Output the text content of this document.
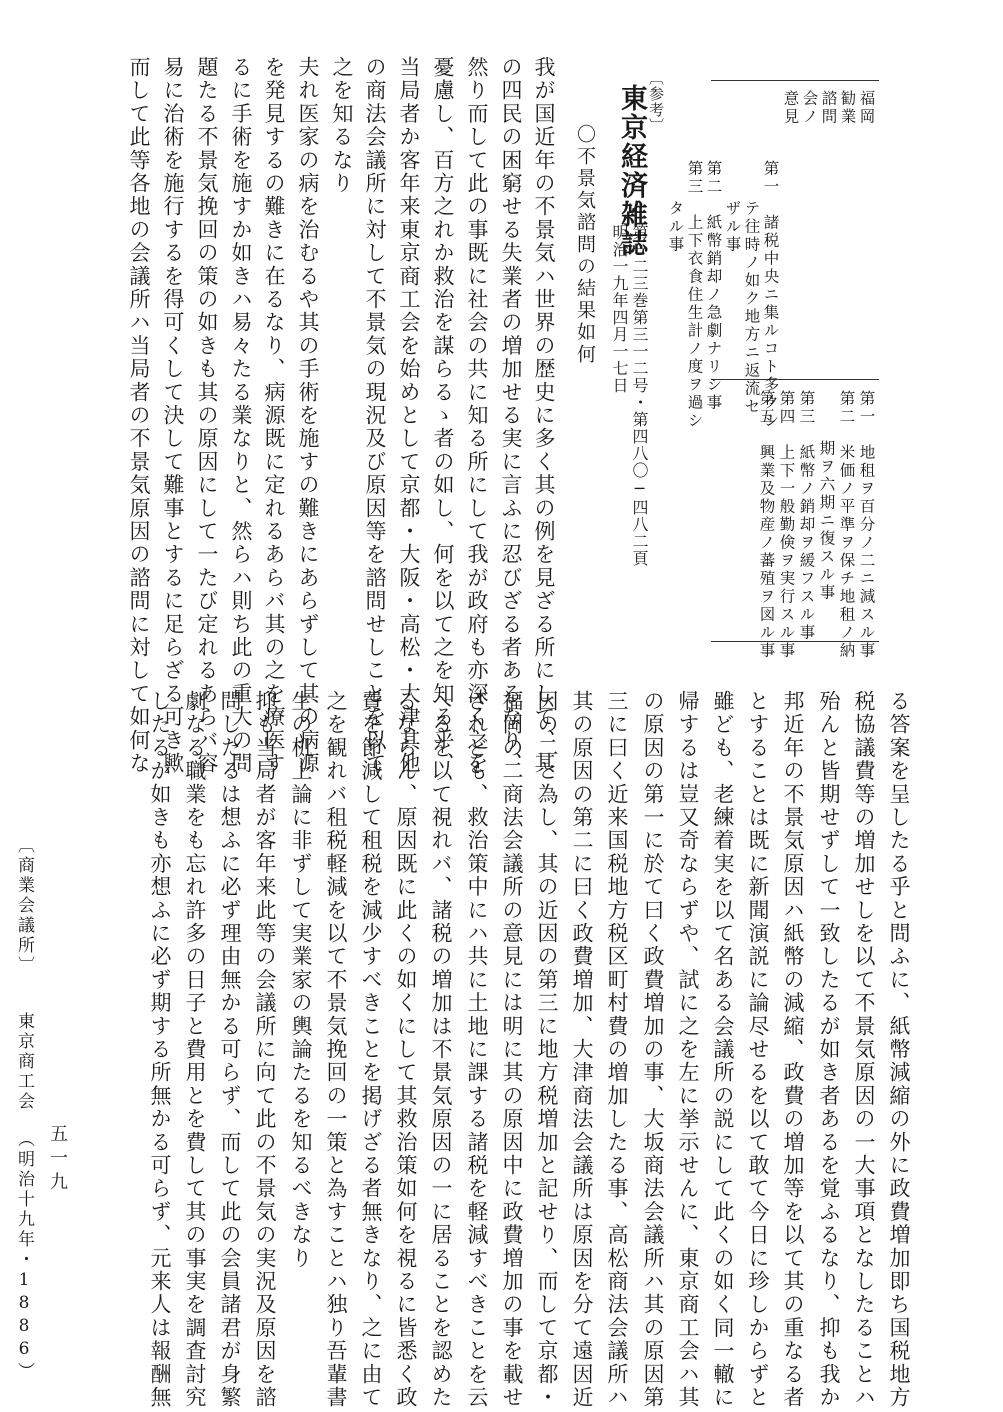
福岡
勧業
諮問
会ノ
意見
第一　諸税中央ニ集ルコト多クシ
テ往時ノ如ク地方ニ返流セ
ザル事
第二　紙幣銷却ノ急劇ナリシ事
第三　上下衣食住生計ノ度ヲ過シ
タル事
第一　地租ヲ百分ノ二ニ減スル事
第二　米価ノ平準ヲ保チ地租ノ納
期ヲ六期ニ復スル事
第三　紙幣ノ銷却ヲ緩フスル事
第四　上下一般勤倹ヲ実行スル事
第五　興業及物産ノ蕃殖ヲ図ル事
〔参考〕
東京経済雑誌
第一二三巻第三一二号・第四八〇─四八二頁
明治一九年四月一七日
〇不景気諮問の結果如何
我が国近年の不景気ハ世界の歴史に多く其の例を見ざる所にして、其
の四民の困窮せる失業者の増加せる実に言ふに忍びざる者あるなり、
然り而して此の事既に社会の共に知る所にして我が政府も亦深く之を
憂慮し、百方之れか救治を謀らるゝ者の如し、何を以て之を知る乎、
当局者か客年来東京商工会を始めとして京都・大阪・高松・大津其他
の商法会議所に対して不景気の現況及び原因等を諮問せしことを以て
之を知るなり
夫れ医家の病を治むるや其の手術を施すの難きにあらずして其の病源
を発見するの難きに在るなり、病源既に定れるあらバ其の之を療医す
るに手術を施すか如きハ易々たる業なりと、然らハ則ち此の重大の問
題たる不景気挽回の策の如きも其の原因にして一たび定れるあらバ容
易に治術を施行するを得可くして決して難事とするに足らざる可き歟
而して此等各地の会議所ハ当局者の不景気原因の諮問に対して如何な
る答案を呈したる乎と問ふに、紙幣減縮の外に政費増加即ち国税地方
税協議費等の増加せしを以て不景気原因の一大事項となしたることハ
殆んと皆期せずして一致したるが如き者あるを覚ふるなり、抑も我か
邦近年の不景気原因ハ紙幣の減縮、政費の増加等を以て其の重なる者
とすることは既に新聞演説に論尽せるを以て敢て今日に珍しからずと
雖ども、老練着実を以て名ある会議所の説にして此くの如く同一轍に
帰するは豈又奇ならずや、試に之を左に挙示せんに、東京商工会ハ其
の原因の第一に於て曰く政費増加の事、大坂商法会議所ハ其の原因第
三に曰く近来国税地方税区町村費の増加したる事、高松商法会議所ハ
其の原因の第二に曰く政費増加、大津商法会議所は原因を分て遠因近
因の二と為し、其の近因の第三に地方税増加と記せり、而して京都・
福岡の二商法会議所の意見には明に其の原因中に政費増加の事を載せ
ざれども、救治策中にハ共に土地に課する諸税を軽減すべきことを云
へるを以て視れバ、諸税の増加は不景気原因の一に居ることを認めた
るならん、原因既に此くの如くにして其救治策如何を視るに皆悉く政
費を節減して租税を減少すべきことを掲げざる者無きなり、之に由て
之を観れバ租税軽減を以て不景気挽回の一策と為すことハ独り吾輩書
生の机上論に非ずして実業家の輿論たるを知るべきなり
抑も当局者が客年来此等の会議所に向て此の不景気の実況及原因を諮
問したるは想ふに必ず理由無かる可らず、而して此の会員諸君が身繁
劇なる職業をも忘れ許多の日子と費用とを費して其の事実を調査討究
したるが如きも亦想ふに必ず期する所無かる可らず、元来人は報酬無
〔商業会議所〕
東京商工会
（明治十九年・1886） 五一九
